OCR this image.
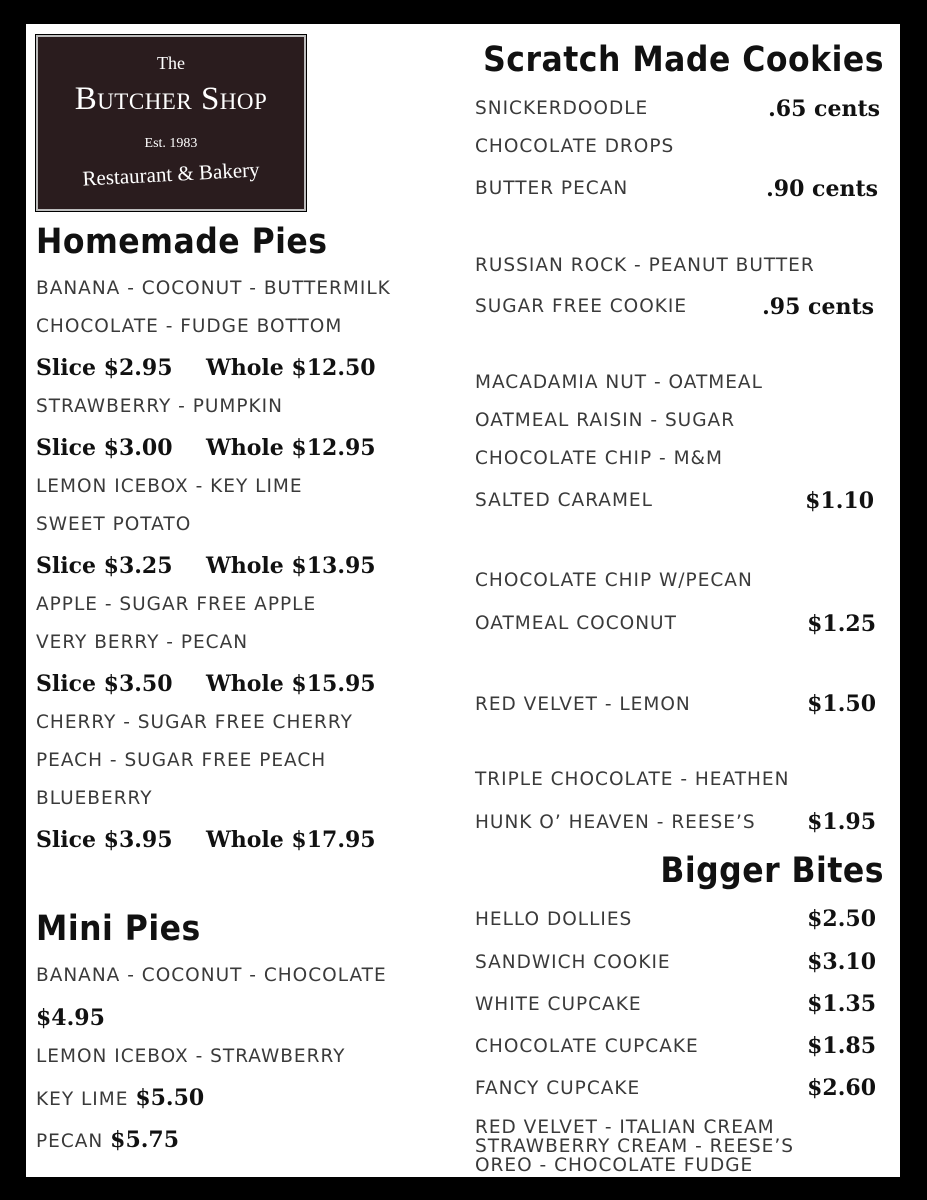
The
Butcher Shop
Est. 1983
Restaurant & Bakery
Homemade Pies
BANANA - COCONUT - BUTTERMILK
CHOCOLATE - FUDGE BOTTOM
Slice $2.95 Whole $12.50
STRAWBERRY - PUMPKIN
Slice $3.00 Whole $12.95
LEMON ICEBOX - KEY LIME
SWEET POTATO
Slice $3.25 Whole $13.95
APPLE - SUGAR FREE APPLE
VERY BERRY - PECAN
Slice $3.50 Whole $15.95
CHERRY - SUGAR FREE CHERRY
PEACH - SUGAR FREE PEACH
BLUEBERRY
Slice $3.95 Whole $17.95
Mini Pies
BANANA - COCONUT - CHOCOLATE
$4.95
LEMON ICEBOX - STRAWBERRY
KEY LIME $5.50
PECAN $5.75
Scratch Made Cookies
SNICKERDOODLE	.65 cents
CHOCOLATE DROPS
BUTTER PECAN	.90 cents
RUSSIAN ROCK - PEANUT BUTTER
SUGAR FREE COOKIE	.95 cents
MACADAMIA NUT - OATMEAL
OATMEAL RAISIN - SUGAR
CHOCOLATE CHIP - M&M
SALTED CARAMEL	$1.10
CHOCOLATE CHIP W/PECAN
OATMEAL COCONUT	$1.25
RED VELVET - LEMON	$1.50
TRIPLE CHOCOLATE - HEATHEN
HUNK O’ HEAVEN - REESE’S $1.95
Bigger Bites
HELLO DOLLIES	$2.50
SANDWICH COOKIE	$3.10
WHITE CUPCAKE	$1.35
CHOCOLATE CUPCAKE	$1.85
FANCY CUPCAKE	$2.60
RED VELVET - ITALIAN CREAM
STRAWBERRY CREAM - REESE’S
OREO - CHOCOLATE FUDGE
